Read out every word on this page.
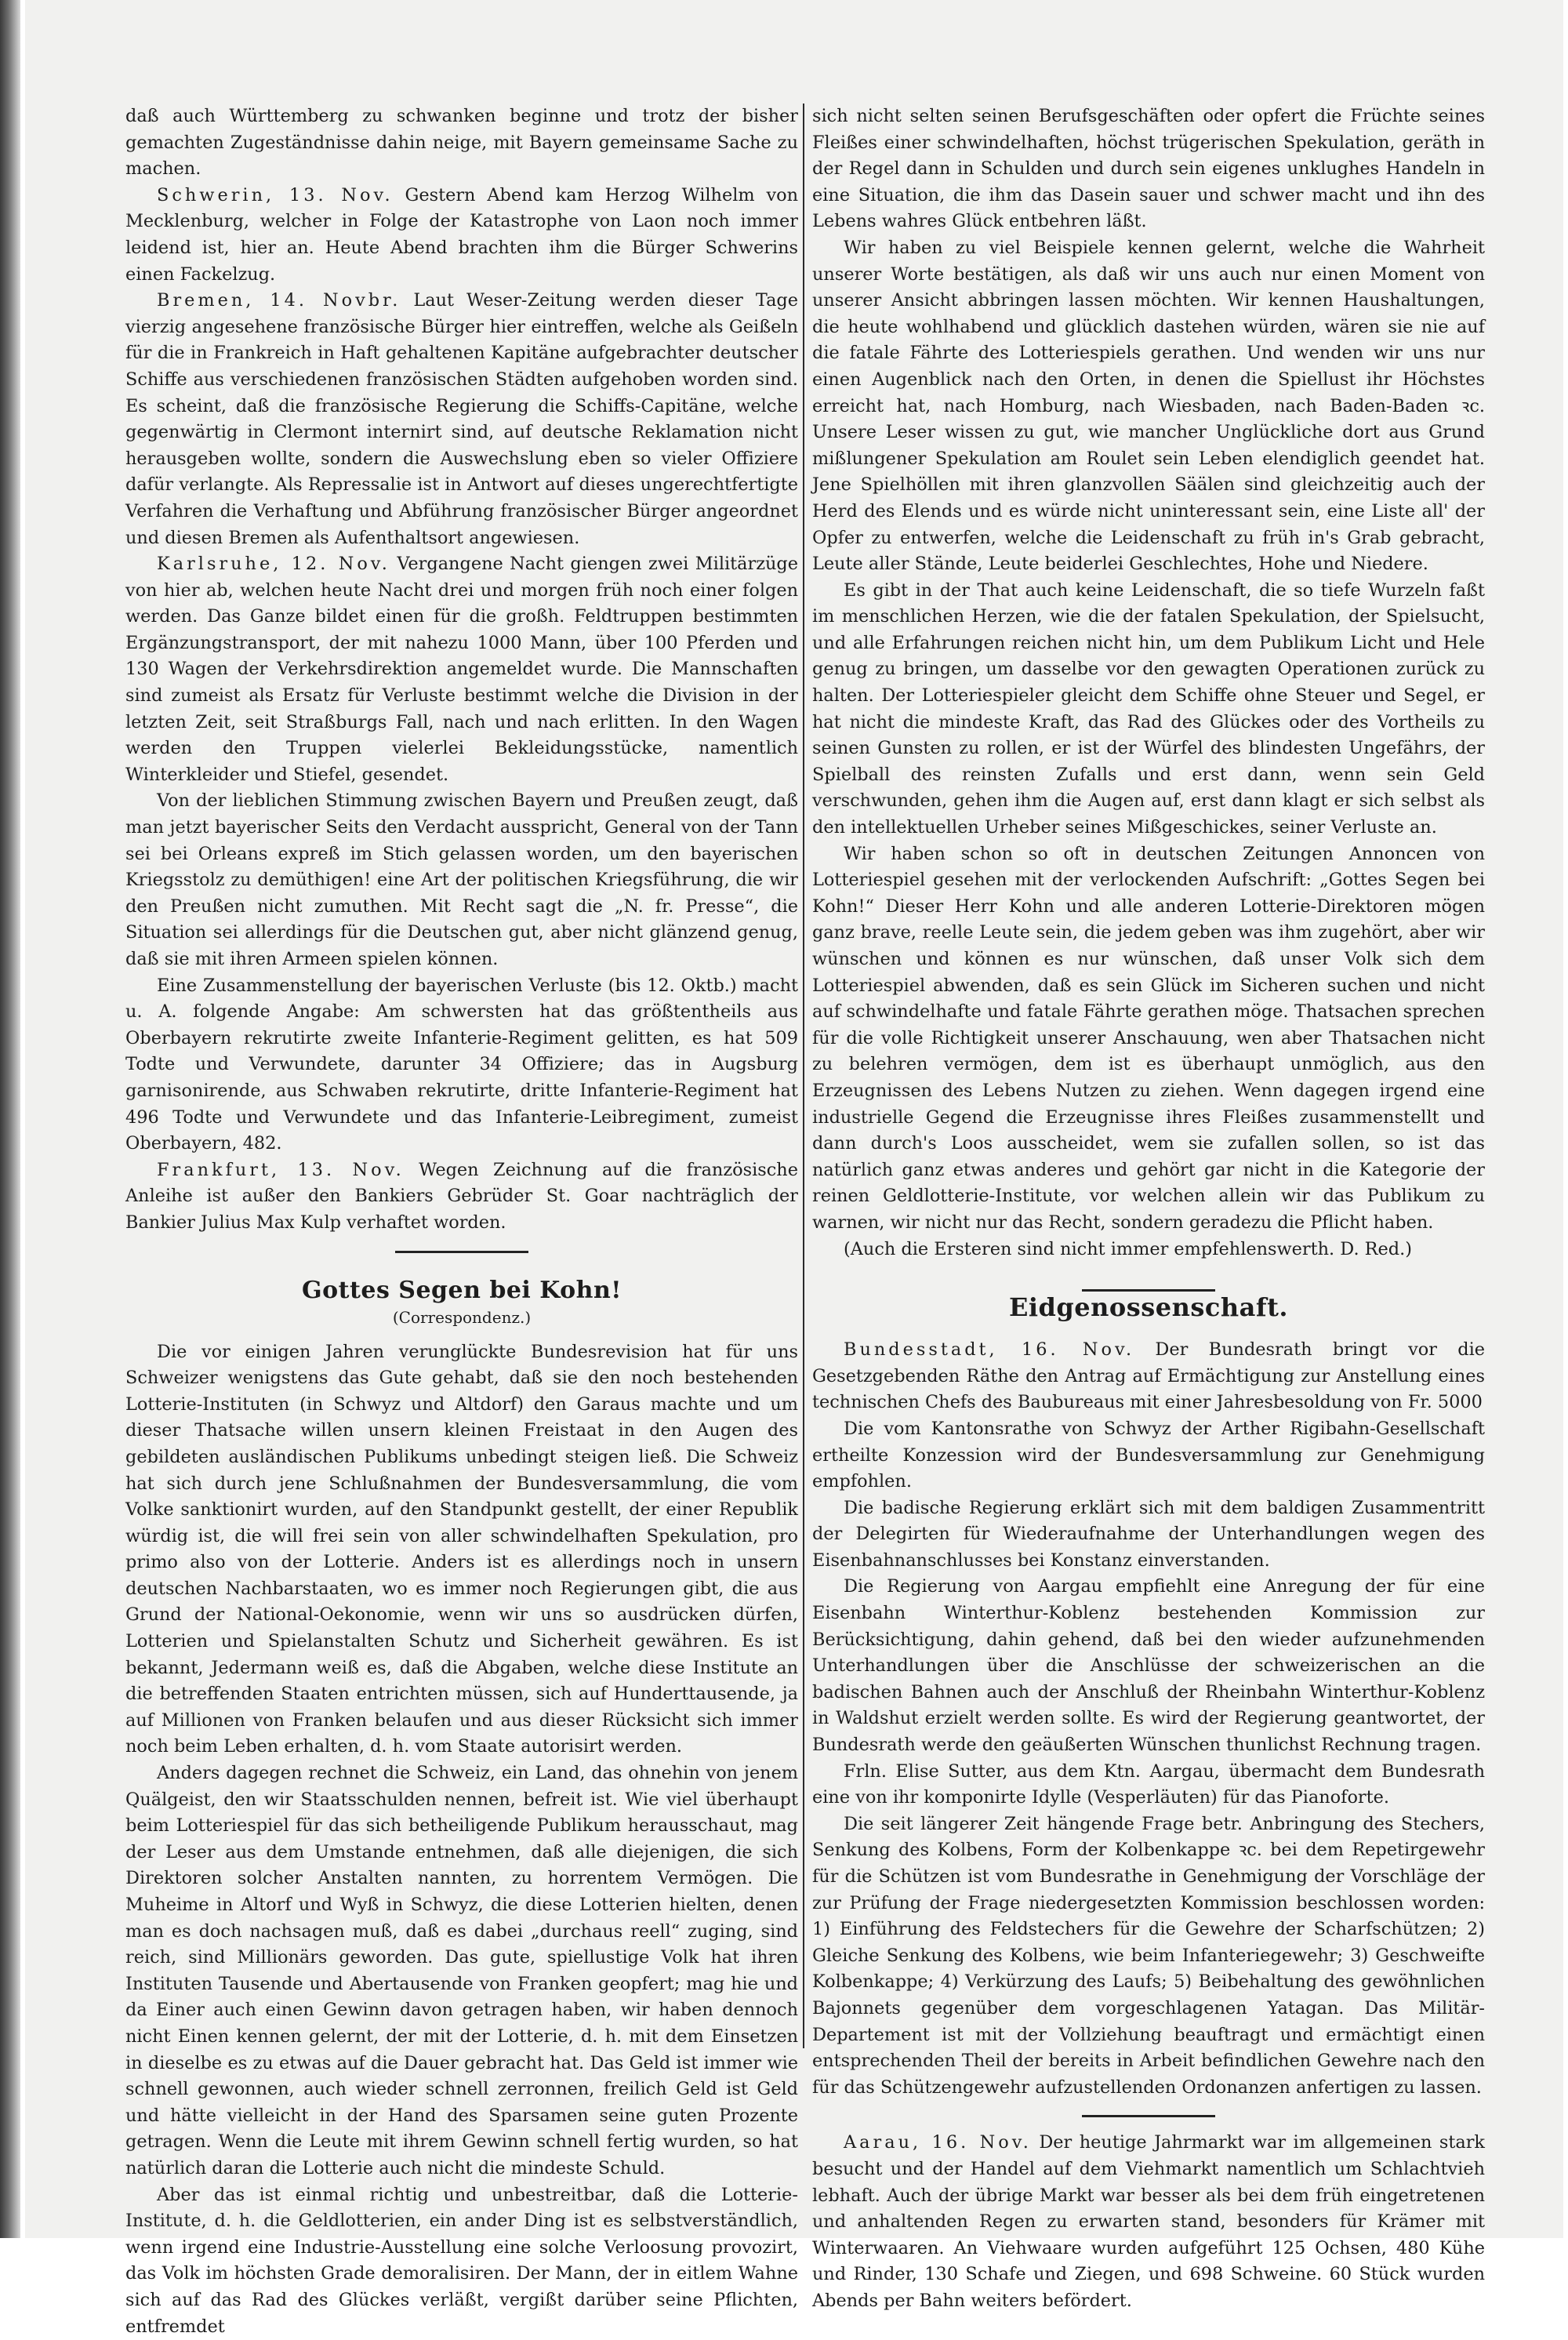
daß auch Württemberg zu schwanken beginne und trotz der bisher gemachten Zugeständnisse dahin neige, mit Bayern gemeinsame Sache zu machen.

Schwerin, 13. Nov. Gestern Abend kam Herzog Wilhelm von Mecklenburg, welcher in Folge der Katastrophe von Laon noch immer leidend ist, hier an. Heute Abend brachten ihm die Bürger Schwerins einen Fackelzug.

Bremen, 14. Novbr. Laut Weser-Zeitung werden dieser Tage vierzig angesehene französische Bürger hier eintreffen, welche als Geißeln für die in Frankreich in Haft gehaltenen Kapitäne aufgebrachter deutscher Schiffe aus verschiedenen französischen Städten aufgehoben worden sind. Es scheint, daß die französische Regierung die Schiffs-Capitäne, welche gegenwärtig in Clermont internirt sind, auf deutsche Reklamation nicht herausgeben wollte, sondern die Auswechslung eben so vieler Offiziere dafür verlangte. Als Repressalie ist in Antwort auf dieses ungerechtfertigte Verfahren die Verhaftung und Abführung französischer Bürger angeordnet und diesen Bremen als Aufenthaltsort angewiesen.

Karlsruhe, 12. Nov. Vergangene Nacht giengen zwei Militärzüge von hier ab, welchen heute Nacht drei und morgen früh noch einer folgen werden. Das Ganze bildet einen für die großh. Feldtruppen bestimmten Ergänzungstransport, der mit nahezu 1000 Mann, über 100 Pferden und 130 Wagen der Verkehrsdirektion angemeldet wurde. Die Mannschaften sind zumeist als Ersatz für Verluste bestimmt welche die Division in der letzten Zeit, seit Straßburgs Fall, nach und nach erlitten. In den Wagen werden den Truppen vielerlei Bekleidungsstücke, namentlich Winterkleider und Stiefel, gesendet.

Von der lieblichen Stimmung zwischen Bayern und Preußen zeugt, daß man jetzt bayerischer Seits den Verdacht ausspricht, General von der Tann sei bei Orleans expreß im Stich gelassen worden, um den bayerischen Kriegsstolz zu demüthigen! eine Art der politischen Kriegsführung, die wir den Preußen nicht zumuthen. Mit Recht sagt die „N. fr. Presse“, die Situation sei allerdings für die Deutschen gut, aber nicht glänzend genug, daß sie mit ihren Armeen spielen können.

Eine Zusammenstellung der bayerischen Verluste (bis 12. Oktb.) macht u. A. folgende Angabe: Am schwersten hat das größtentheils aus Oberbayern rekrutirte zweite Infanterie-Regiment gelitten, es hat 509 Todte und Verwundete, darunter 34 Offiziere; das in Augsburg garnisonirende, aus Schwaben rekrutirte, dritte Infanterie-Regiment hat 496 Todte und Verwundete und das Infanterie-Leibregiment, zumeist Oberbayern, 482.

Frankfurt, 13. Nov. Wegen Zeichnung auf die französische Anleihe ist außer den Bankiers Gebrüder St. Goar nachträglich der Bankier Julius Max Kulp verhaftet worden.

Gottes Segen bei Kohn!
(Correspondenz.)

Die vor einigen Jahren verunglückte Bundesrevision hat für uns Schweizer wenigstens das Gute gehabt, daß sie den noch bestehenden Lotterie-Instituten (in Schwyz und Altdorf) den Garaus machte und um dieser Thatsache willen unsern kleinen Freistaat in den Augen des gebildeten ausländischen Publikums unbedingt steigen ließ. Die Schweiz hat sich durch jene Schlußnahmen der Bundesversammlung, die vom Volke sanktionirt wurden, auf den Standpunkt gestellt, der einer Republik würdig ist, die will frei sein von aller schwindelhaften Spekulation, pro primo also von der Lotterie. Anders ist es allerdings noch in unsern deutschen Nachbarstaaten, wo es immer noch Regierungen gibt, die aus Grund der National-Oekonomie, wenn wir uns so ausdrücken dürfen, Lotterien und Spielanstalten Schutz und Sicherheit gewähren. Es ist bekannt, Jedermann weiß es, daß die Abgaben, welche diese Institute an die betreffenden Staaten entrichten müssen, sich auf Hunderttausende, ja auf Millionen von Franken belaufen und aus dieser Rücksicht sich immer noch beim Leben erhalten, d. h. vom Staate autorisirt werden.

Anders dagegen rechnet die Schweiz, ein Land, das ohnehin von jenem Quälgeist, den wir Staatsschulden nennen, befreit ist. Wie viel überhaupt beim Lotteriespiel für das sich betheiligende Publikum herausschaut, mag der Leser aus dem Umstande entnehmen, daß alle diejenigen, die sich Direktoren solcher Anstalten nannten, zu horrentem Vermögen. Die Muheime in Altorf und Wyß in Schwyz, die diese Lotterien hielten, denen man es doch nachsagen muß, daß es dabei „durchaus reell“ zuging, sind reich, sind Millionärs geworden. Das gute, spiellustige Volk hat ihren Instituten Tausende und Abertausende von Franken geopfert; mag hie und da Einer auch einen Gewinn davon getragen haben, wir haben dennoch nicht Einen kennen gelernt, der mit der Lotterie, d. h. mit dem Einsetzen in dieselbe es zu etwas auf die Dauer gebracht hat. Das Geld ist immer wie schnell gewonnen, auch wieder schnell zerronnen, freilich Geld ist Geld und hätte vielleicht in der Hand des Sparsamen seine guten Prozente getragen. Wenn die Leute mit ihrem Gewinn schnell fertig wurden, so hat natürlich daran die Lotterie auch nicht die mindeste Schuld.

Aber das ist einmal richtig und unbestreitbar, daß die Lotterie-Institute, d. h. die Geldlotterien, ein ander Ding ist es selbstverständlich, wenn irgend eine Industrie-Ausstellung eine solche Verloosung provozirt, das Volk im höchsten Grade demoralisiren. Der Mann, der in eitlem Wahne sich auf das Rad des Glückes verläßt, vergißt darüber seine Pflichten, entfremdet

sich nicht selten seinen Berufsgeschäften oder opfert die Früchte seines Fleißes einer schwindelhaften, höchst trügerischen Spekulation, geräth in der Regel dann in Schulden und durch sein eigenes unklughes Handeln in eine Situation, die ihm das Dasein sauer und schwer macht und ihn des Lebens wahres Glück entbehren läßt.

Wir haben zu viel Beispiele kennen gelernt, welche die Wahrheit unserer Worte bestätigen, als daß wir uns auch nur einen Moment von unserer Ansicht abbringen lassen möchten. Wir kennen Haushaltungen, die heute wohlhabend und glücklich dastehen würden, wären sie nie auf die fatale Fährte des Lotteriespiels gerathen. Und wenden wir uns nur einen Augenblick nach den Orten, in denen die Spiellust ihr Höchstes erreicht hat, nach Homburg, nach Wiesbaden, nach Baden-Baden ꝛc. Unsere Leser wissen zu gut, wie mancher Unglückliche dort aus Grund mißlungener Spekulation am Roulet sein Leben elendiglich geendet hat. Jene Spielhöllen mit ihren glanzvollen Säälen sind gleichzeitig auch der Herd des Elends und es würde nicht uninteressant sein, eine Liste all' der Opfer zu entwerfen, welche die Leidenschaft zu früh in's Grab gebracht, Leute aller Stände, Leute beiderlei Geschlechtes, Hohe und Niedere.

Es gibt in der That auch keine Leidenschaft, die so tiefe Wurzeln faßt im menschlichen Herzen, wie die der fatalen Spekulation, der Spielsucht, und alle Erfahrungen reichen nicht hin, um dem Publikum Licht und Hele genug zu bringen, um dasselbe vor den gewagten Operationen zurück zu halten. Der Lotteriespieler gleicht dem Schiffe ohne Steuer und Segel, er hat nicht die mindeste Kraft, das Rad des Glückes oder des Vortheils zu seinen Gunsten zu rollen, er ist der Würfel des blindesten Ungefährs, der Spielball des reinsten Zufalls und erst dann, wenn sein Geld verschwunden, gehen ihm die Augen auf, erst dann klagt er sich selbst als den intellektuellen Urheber seines Mißgeschickes, seiner Verluste an.

Wir haben schon so oft in deutschen Zeitungen Annoncen von Lotteriespiel gesehen mit der verlockenden Aufschrift: „Gottes Segen bei Kohn!“ Dieser Herr Kohn und alle anderen Lotterie-Direktoren mögen ganz brave, reelle Leute sein, die jedem geben was ihm zugehört, aber wir wünschen und können es nur wünschen, daß unser Volk sich dem Lotteriespiel abwenden, daß es sein Glück im Sicheren suchen und nicht auf schwindelhafte und fatale Fährte gerathen möge. Thatsachen sprechen für die volle Richtigkeit unserer Anschauung, wen aber Thatsachen nicht zu belehren vermögen, dem ist es überhaupt unmöglich, aus den Erzeugnissen des Lebens Nutzen zu ziehen. Wenn dagegen irgend eine industrielle Gegend die Erzeugnisse ihres Fleißes zusammenstellt und dann durch's Loos ausscheidet, wem sie zufallen sollen, so ist das natürlich ganz etwas anderes und gehört gar nicht in die Kategorie der reinen Geldlotterie-Institute, vor welchen allein wir das Publikum zu warnen, wir nicht nur das Recht, sondern geradezu die Pflicht haben.

(Auch die Ersteren sind nicht immer empfehlenswerth. D. Red.)

Eidgenossenschaft.

Bundesstadt, 16. Nov. Der Bundesrath bringt vor die Gesetzgebenden Räthe den Antrag auf Ermächtigung zur Anstellung eines technischen Chefs des Baubureaus mit einer Jahresbesoldung von Fr. 5000

Die vom Kantonsrathe von Schwyz der Arther Rigibahn-Gesellschaft ertheilte Konzession wird der Bundesversammlung zur Genehmigung empfohlen.

Die badische Regierung erklärt sich mit dem baldigen Zusammentritt der Delegirten für Wiederaufnahme der Unterhandlungen wegen des Eisenbahnanschlusses bei Konstanz einverstanden.

Die Regierung von Aargau empfiehlt eine Anregung der für eine Eisenbahn Winterthur-Koblenz bestehenden Kommission zur Berücksichtigung, dahin gehend, daß bei den wieder aufzunehmenden Unterhandlungen über die Anschlüsse der schweizerischen an die badischen Bahnen auch der Anschluß der Rheinbahn Winterthur-Koblenz in Waldshut erzielt werden sollte. Es wird der Regierung geantwortet, der Bundesrath werde den geäußerten Wünschen thunlichst Rechnung tragen.

Frln. Elise Sutter, aus dem Ktn. Aargau, übermacht dem Bundesrath eine von ihr komponirte Idylle (Vesperläuten) für das Pianoforte.

Die seit längerer Zeit hängende Frage betr. Anbringung des Stechers, Senkung des Kolbens, Form der Kolbenkappe ꝛc. bei dem Repetirgewehr für die Schützen ist vom Bundesrathe in Genehmigung der Vorschläge der zur Prüfung der Frage niedergesetzten Kommission beschlossen worden: 1) Einführung des Feldstechers für die Gewehre der Scharfschützen; 2) Gleiche Senkung des Kolbens, wie beim Infanteriegewehr; 3) Geschweifte Kolbenkappe; 4) Verkürzung des Laufs; 5) Beibehaltung des gewöhnlichen Bajonnets gegenüber dem vorgeschlagenen Yatagan. Das Militär-Departement ist mit der Vollziehung beauftragt und ermächtigt einen entsprechenden Theil der bereits in Arbeit befindlichen Gewehre nach den für das Schützengewehr aufzustellenden Ordonanzen anfertigen zu lassen.

Aarau, 16. Nov. Der heutige Jahrmarkt war im allgemeinen stark besucht und der Handel auf dem Viehmarkt namentlich um Schlachtvieh lebhaft. Auch der übrige Markt war besser als bei dem früh eingetretenen und anhaltenden Regen zu erwarten stand, besonders für Krämer mit Winterwaaren. An Viehwaare wurden aufgeführt 125 Ochsen, 480 Kühe und Rinder, 130 Schafe und Ziegen, und 698 Schweine. 60 Stück wurden Abends per Bahn weiters befördert.
